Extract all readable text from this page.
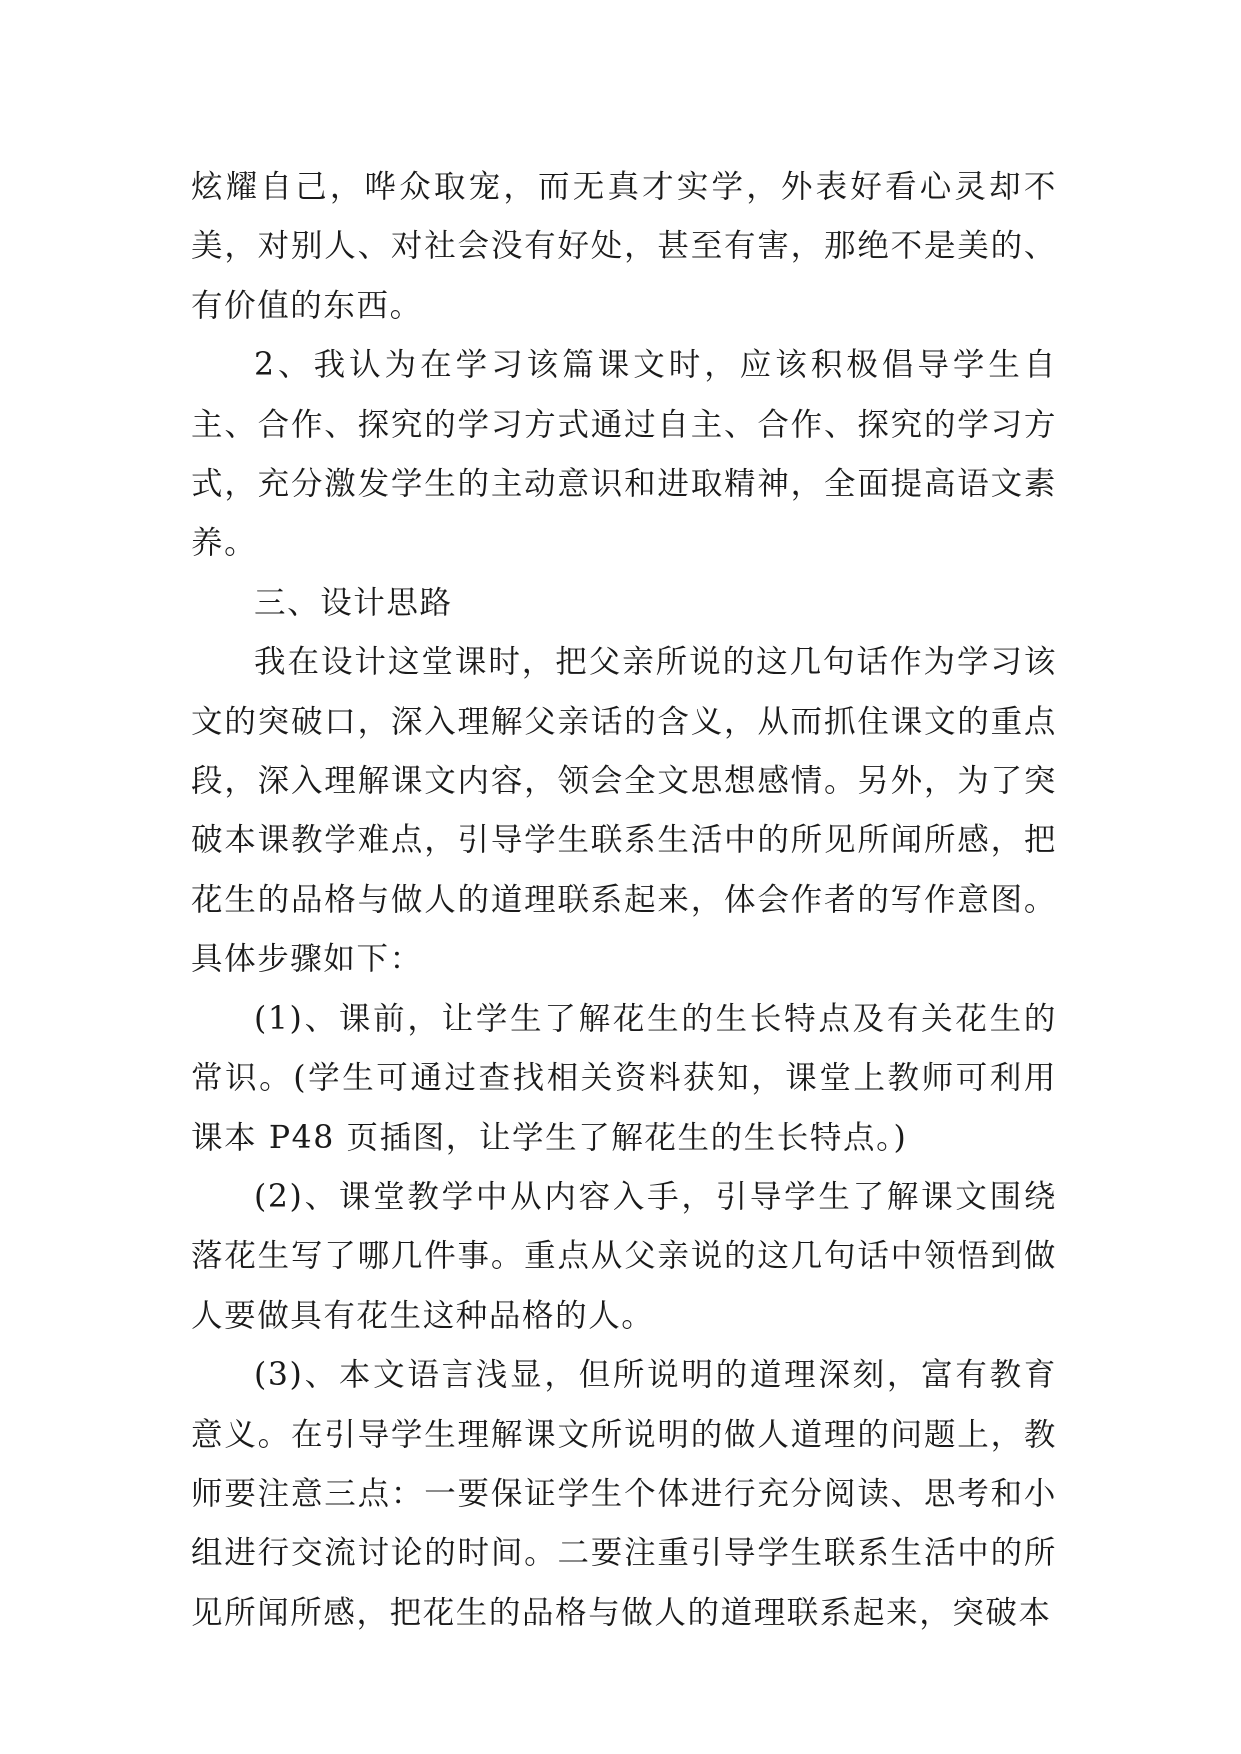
炫耀自己，哗众取宠，而无真才实学，外表好看心灵却不美，对别人、对社会没有好处，甚至有害，那绝不是美的、有价值的东西。

2、我认为在学习该篇课文时，应该积极倡导学生自主、合作、探究的学习方式通过自主、合作、探究的学习方式，充分激发学生的主动意识和进取精神，全面提高语文素养。

三、设计思路

我在设计这堂课时，把父亲所说的这几句话作为学习该文的突破口，深入理解父亲话的含义，从而抓住课文的重点段，深入理解课文内容，领会全文思想感情。另外，为了突破本课教学难点，引导学生联系生活中的所见所闻所感，把花生的品格与做人的道理联系起来，体会作者的写作意图。具体步骤如下：

(1)、课前，让学生了解花生的生长特点及有关花生的常识。(学生可通过查找相关资料获知，课堂上教师可利用课本 P48 页插图，让学生了解花生的生长特点。)

(2)、课堂教学中从内容入手，引导学生了解课文围绕落花生写了哪几件事。重点从父亲说的这几句话中领悟到做人要做具有花生这种品格的人。

(3)、本文语言浅显，但所说明的道理深刻，富有教育意义。在引导学生理解课文所说明的做人道理的问题上，教师要注意三点：一要保证学生个体进行充分阅读、思考和小组进行交流讨论的时间。二要注重引导学生联系生活中的所见所闻所感，把花生的品格与做人的道理联系起来，突破本
